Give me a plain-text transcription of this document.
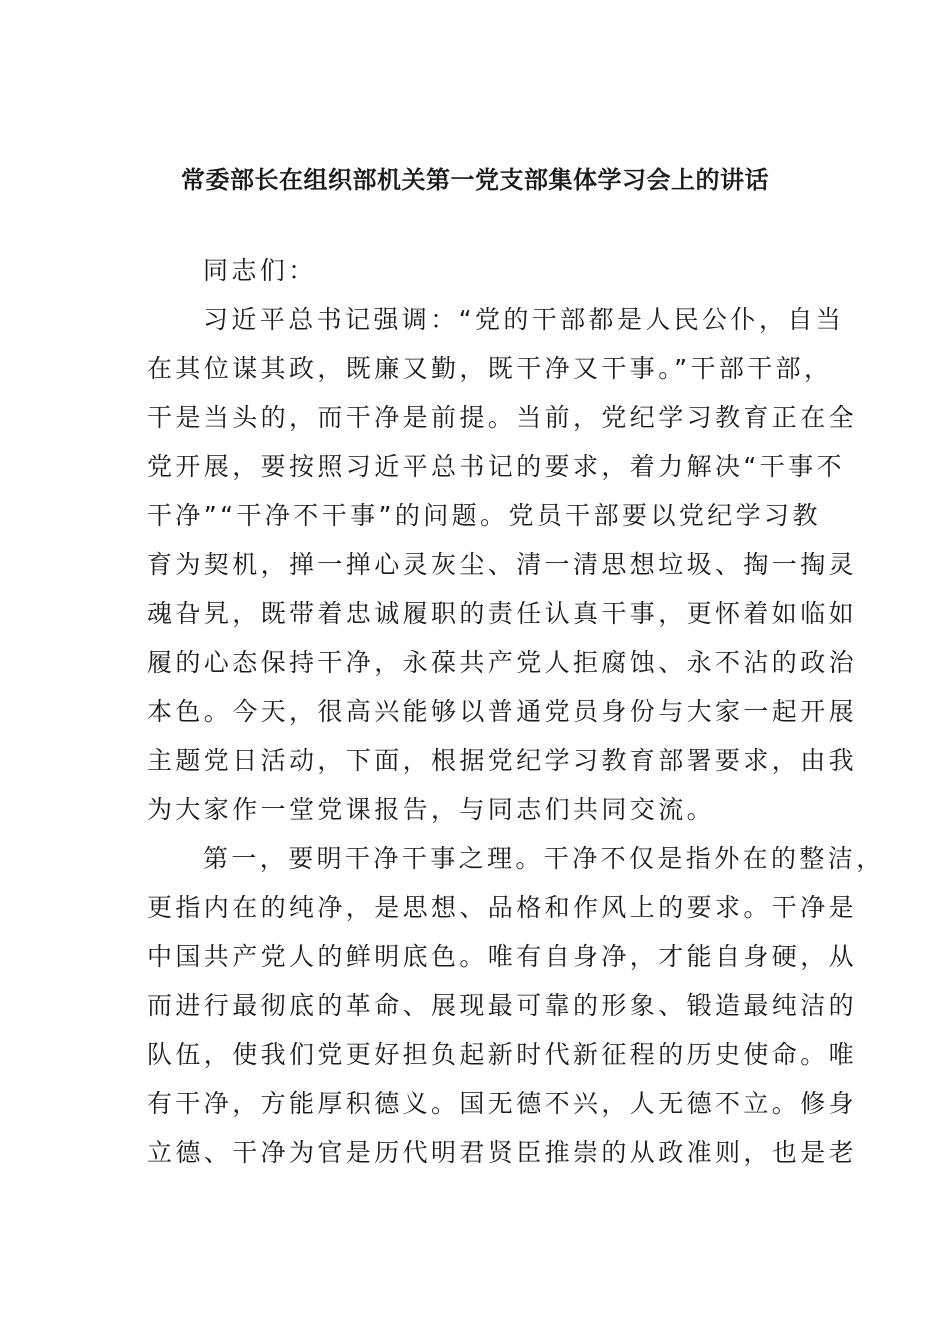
常委部长在组织部机关第一党支部集体学习会上的讲话
同志们：
习近平总书记强调：“党的干部都是人民公仆，自当
在其位谋其政，既廉又勤，既干净又干事。”干部干部，
干是当头的，而干净是前提。当前，党纪学习教育正在全
党开展，要按照习近平总书记的要求，着力解决“干事不
干净”“干净不干事”的问题。党员干部要以党纪学习教
育为契机，掸一掸心灵灰尘、清一清思想垃圾、掏一掏灵
魂旮旯，既带着忠诚履职的责任认真干事，更怀着如临如
履的心态保持干净，永葆共产党人拒腐蚀、永不沾的政治
本色。今天，很高兴能够以普通党员身份与大家一起开展
主题党日活动，下面，根据党纪学习教育部署要求，由我
为大家作一堂党课报告，与同志们共同交流。
第一，要明干净干事之理。干净不仅是指外在的整洁，
更指内在的纯净，是思想、品格和作风上的要求。干净是
中国共产党人的鲜明底色。唯有自身净，才能自身硬，从
而进行最彻底的革命、展现最可靠的形象、锻造最纯洁的
队伍，使我们党更好担负起新时代新征程的历史使命。唯
有干净，方能厚积德义。国无德不兴，人无德不立。修身
立德、干净为官是历代明君贤臣推崇的从政准则，也是老
